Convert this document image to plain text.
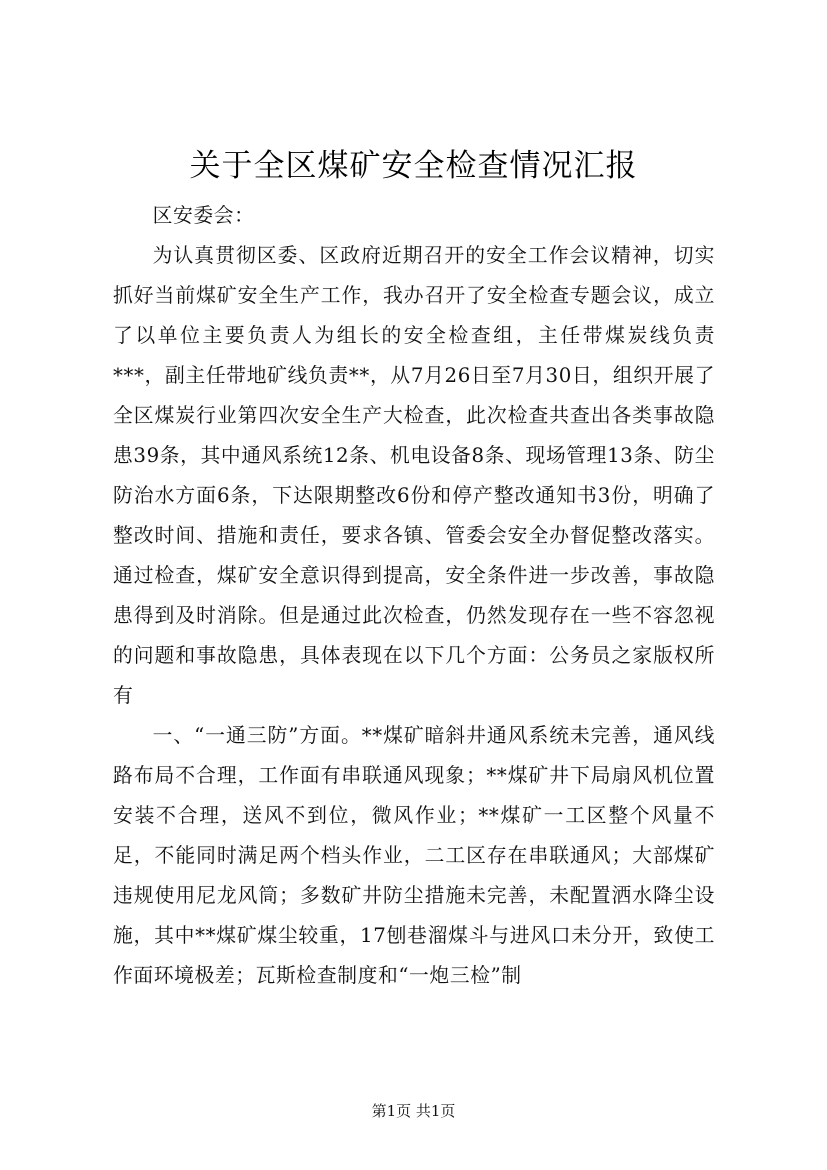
关于全区煤矿安全检查情况汇报

区安委会：

为认真贯彻区委、区政府近期召开的安全工作会议精神，切实抓好当前煤矿安全生产工作，我办召开了安全检查专题会议，成立了以单位主要负责人为组长的安全检查组，主任带煤炭线负责***，副主任带地矿线负责**，从7月26日至7月30日，组织开展了全区煤炭行业第四次安全生产大检查，此次检查共查出各类事故隐患39条，其中通风系统12条、机电设备8条、现场管理13条、防尘防治水方面6条，下达限期整改6份和停产整改通知书3份，明确了整改时间、措施和责任，要求各镇、管委会安全办督促整改落实。通过检查，煤矿安全意识得到提高，安全条件进一步改善，事故隐患得到及时消除。但是通过此次检查，仍然发现存在一些不容忽视的问题和事故隐患，具体表现在以下几个方面：公务员之家版权所有

一、“一通三防”方面。**煤矿暗斜井通风系统未完善，通风线路布局不合理，工作面有串联通风现象；**煤矿井下局扇风机位置安装不合理，送风不到位，微风作业；**煤矿一工区整个风量不足，不能同时满足两个档头作业，二工区存在串联通风；大部煤矿违规使用尼龙风筒；多数矿井防尘措施未完善，未配置洒水降尘设施，其中**煤矿煤尘较重，17刨巷溜煤斗与进风口未分开，致使工作面环境极差；瓦斯检查制度和“一炮三检”制

第1页 共1页
